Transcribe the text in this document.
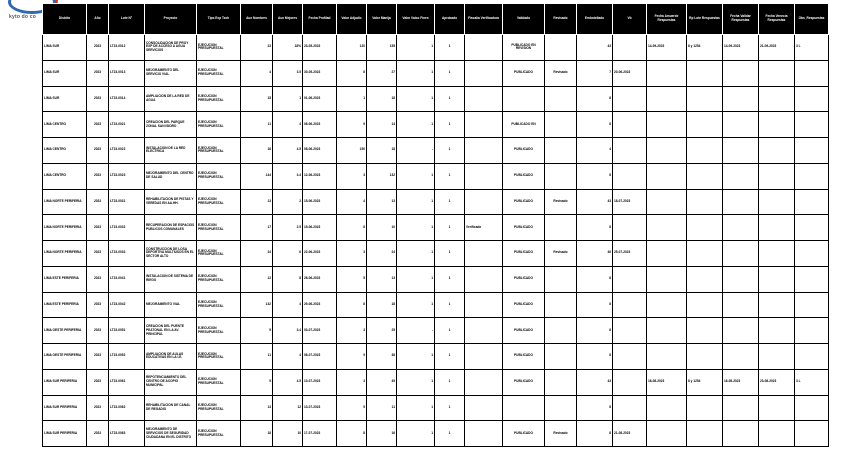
kyto do co	Distrito	Año	Lote N°	Proyecto	Tipo Exp Tech	Aux Nombres	Aux Mejores	Fecha Profilad	Valor Adjudic	Valor Manija	Valor Valoc Fines	Aprobado	Fiscalía Verificadora	Validado	Revisado	Embotellado	Vb	Fecha Amuerde Respuestas	Rp Lote Respuestas	Fecha Validar Respuestas	Fecha Venecia Respuestas	Obs_Respuestas
LIMA SUR	2023	LT23-0012	CONSOLIDACION DE PROY EXP DE ACCESO A AGUA SERVICIOS	EJECUCION PRESUPUESTAL	23	18%	23-05-2023	120	155	1	1		PUBLICADO EN REVISION		43		14-09-2023	8 y 1254	14-09-2023	21-09-2023	3 L
LIMA SUR	2023	LT23-0013	MEJORAMIENTO DEL SERVICIO VIAL	EJECUCION PRESUPUESTAL	4	3.5	30-05-2023	8	27	1	1		PUBLICADO	Revisado	7	20-06-2023					
LIMA SUR	2023	LT23-0014	AMPLIACION DE LA RED DE AGUA	EJECUCION PRESUPUESTAL	15	1	01-06-2023	1	18	1	1				8						
LIMA CENTRO	2023	LT23-0021	CREACION DEL PARQUE ZONAL SAN ISIDRO	EJECUCION PRESUPUESTAL	11	4	06-06-2023	9	14	1	1		PUBLICADO EN		8						
LIMA CENTRO	2023	LT23-0022	INSTALACION DE LA RED ELECTRICA	EJECUCION PRESUPUESTAL	16	4.5	08-06-2023	150	18	-	1		PUBLICADO		4						
LIMA CENTRO	2023	LT23-0023	MEJORAMIENTO DEL CENTRO DE SALUD	EJECUCION PRESUPUESTAL	144	3.4	12-06-2023	3	132	1	1		PUBLICADO		8						
LIMA NORTE PERIFERIA	2023	LT23-0031	REHABILITACION DE PISTAS Y VEREDAS EN AA.HH.	EJECUCION PRESUPUESTAL	13	2	15-06-2023	4	13	1	1		PUBLICADO	Revisado	43	18-07-2023					
LIMA NORTE PERIFERIA	2023	LT23-0032	RECUPERACION DE ESPACIOS PUBLICOS COMUNALES	EJECUCION PRESUPUESTAL	17	2.5	19-06-2023	8	10	1	1	Verificado	PUBLICADO		8						
LIMA NORTE PERIFERIA	2023	LT23-0033	CONSTRUCCION DE LOSA DEPORTIVA MULTIUSOS EN EL SECTOR ALTO	EJECUCION PRESUPUESTAL	24	6	22-06-2023	3	24	1	1		PUBLICADO	Revisado	46	25-07-2023					
LIMA ESTE PERIFERIA	2023	LT23-0041	INSTALACION DE SISTEMA DE RIEGO	EJECUCION PRESUPUESTAL	12	8	26-06-2023	5	13	1	1		PUBLICADO		8						
LIMA ESTE PERIFERIA	2023	LT23-0042	MEJORAMIENTO VIAL	EJECUCION PRESUPUESTAL	132	4	29-06-2023	8	18	1	1		PUBLICADO		8						
LIMA OESTE PERIFERIA	2023	LT23-0051	CREACION DEL PUENTE PEATONAL EN LA AV. PRINCIPAL	EJECUCION PRESUPUESTAL	5	3.4	03-07-2023	3	25	-	1		PUBLICADO		8						
LIMA OESTE PERIFERIA	2023	LT23-0052	AMPLIACION DE AULAS EDUCATIVAS EN LA I.E.	EJECUCION PRESUPUESTAL	11	4	06-07-2023	9	38	1	1		PUBLICADO		8						
LIMA SUR PERIFERIA	2023	LT23-0061	REPOTENCIAMIENTO DEL CENTRO DE ACOPIO MUNICIPAL	EJECUCION PRESUPUESTAL	5	4.5	10-07-2023	3	45	1	1		PUBLICADO		43		16-08-2023	8 y 1254	16-08-2023	23-08-2023	3 L
LIMA SUR PERIFERIA	2023	LT23-0062	REHABILITACION DE CANAL DE REGADIO	EJECUCION PRESUPUESTAL	13	12	13-07-2023	5	11	1	1				8						
LIMA SUR PERIFERIA	2023	LT23-0063	MEJORAMIENTO DE SERVICIOS DE SEGURIDAD CIUDADANA EN EL DISTRITO	EJECUCION PRESUPUESTAL	18	10	17-07-2023	8	16	1	1		PUBLICADO	Revisado	8	21-08-2023					
